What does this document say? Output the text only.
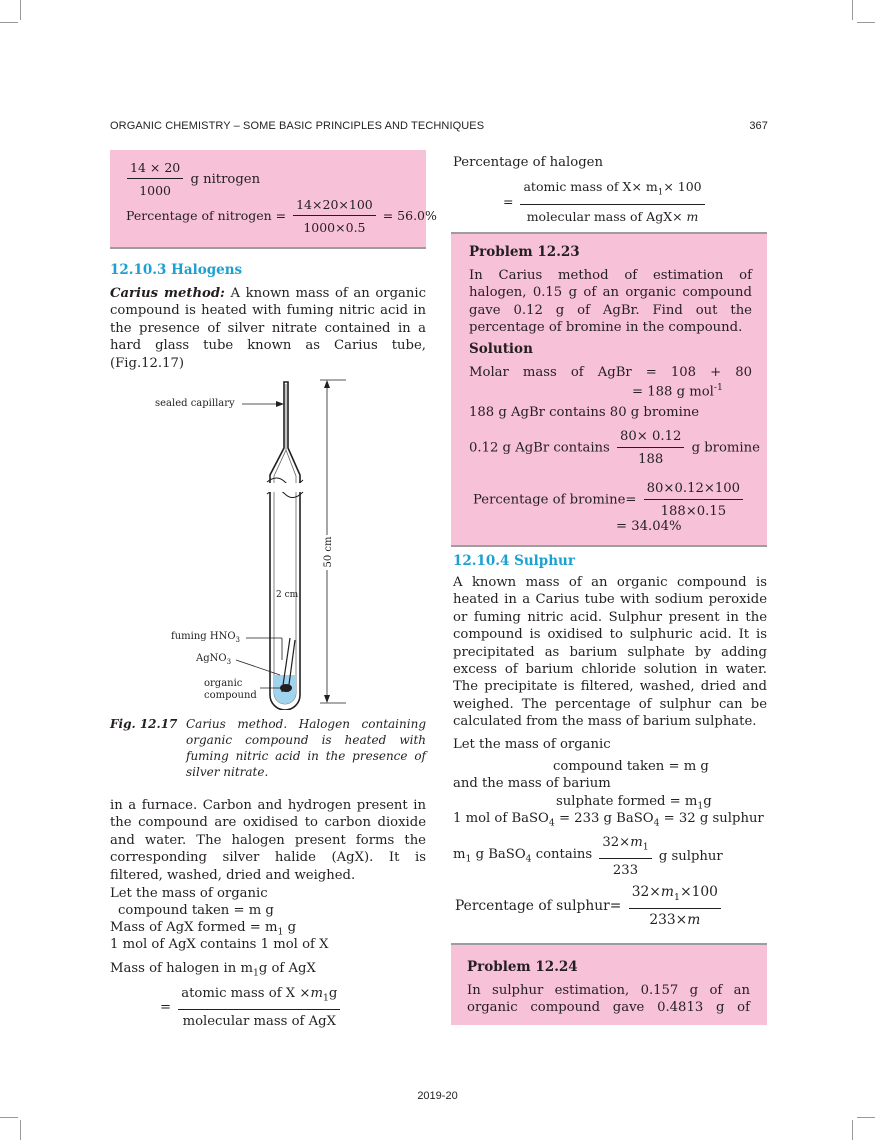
ORGANIC CHEMISTRY – SOME BASIC PRINCIPLES AND TECHNIQUES	367
$\frac{14 \times 20}{1000}$ g nitrogen
Percentage of nitrogen = $\frac{14\times 20\times 100}{1000\times 0.5} = 56.0\%$
12.10.3 Halogens
Carius method: A known mass of an organic compound is heated with fuming nitric acid in the presence of silver nitrate contained in a hard glass tube known as Carius tube, (Fig.12.17)
50 cm
2 cm
sealed capillary
fuming $HNO_3$
AgNO$_3$
organic
compound
Fig. 12.17 Carius method. Halogen containing organic compound is heated with fuming nitric acid in the presence of silver nitrate.
in a furnace. Carbon and hydrogen present in the compound are oxidised to carbon dioxide and water. The halogen present forms the corresponding silver halide (AgX). It is filtered, washed, dried and weighed.
Let the mass of organic
compound taken = m g
Mass of AgX formed = $m_1$ g
1 mol of AgX contains 1 mol of X
Mass of halogen in $m_1g$ of AgX
= $\frac{atomic mass of X \times m_1g}{\text{molecular mass of AgX}}$
Percentage of halogen
= $\frac{atomic mass of X\times m_1\times 100}{\text{molecular mass of AgX× m}}$
Problem 12.23
In Carius method of estimation of halogen, 0.15 g of an organic compound gave 0.12 g of AgBr. Find out the percentage of bromine in the compound.
Solution
Molar mass of AgBr = 108 + 80
= 188 g mol$^{-1}$
188 g AgBr contains 80 g bromine
0.12 g AgBr contains $\frac{80\times 0.12}{188}$ g bromine
Percentage of $bromine= \frac{80\times 0.12\times 100}{188\times 0.15}$
= 34.04%
12.10.4 Sulphur
A known mass of an organic compound is heated in a Carius tube with sodium peroxide or fuming nitric acid. Sulphur present in the compound is oxidised to sulphuric acid. It is precipitated as barium sulphate by adding excess of barium chloride solution in water. The precipitate is filtered, washed, dried and weighed. The percentage of sulphur can be calculated from the mass of barium sulphate.
Let the mass of organic
compound taken = m g
and the mass of barium
sulphate formed = $m_1g$
1 mol of BaSO$_4$ = 233 g BaSO$_4$ = 32 g sulphur
$m_1$ g BaSO$_4$ contains $\frac{32\times m_1}{233}$ g sulphur
Percentage of sulphur= $\frac{32\times m_1\times 100}{233\times m}$
Problem 12.24
In sulphur estimation, 0.157 g of an organic compound gave 0.4813 g of
2019-20
